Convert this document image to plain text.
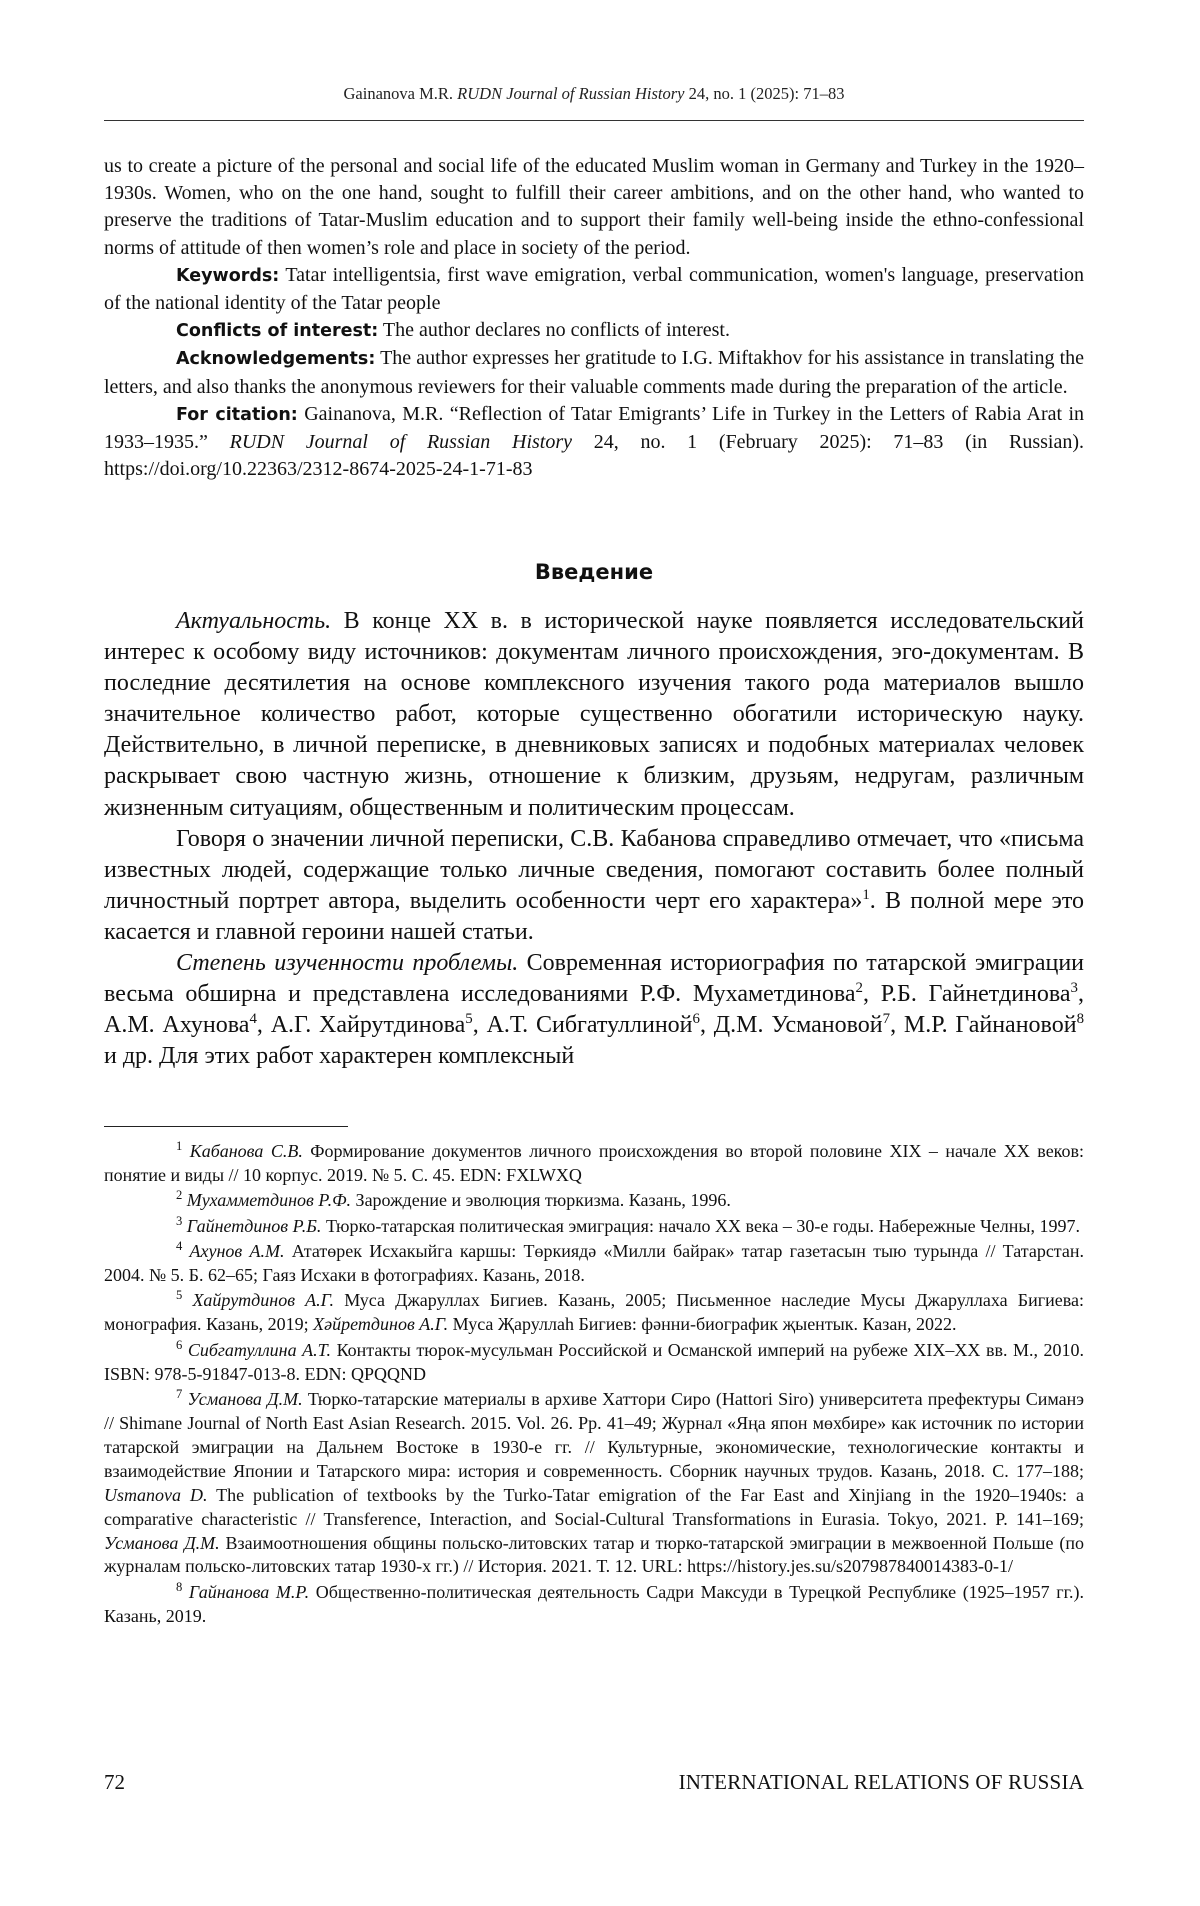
Gainanova M.R. RUDN Journal of Russian History 24, no. 1 (2025): 71–83

us to create a picture of the personal and social life of the educated Muslim woman in Germany and Turkey in the 1920–1930s. Women, who on the one hand, sought to fulfill their career ambitions, and on the other hand, who wanted to preserve the traditions of Tatar-Muslim education and to support their family well-being inside the ethno-confessional norms of attitude of then women’s role and place in society of the period.

Keywords: Tatar intelligentsia, first wave emigration, verbal communication, women's language, preservation of the national identity of the Tatar people

Conflicts of interest: The author declares no conflicts of interest.

Acknowledgements: The author expresses her gratitude to I.G. Miftakhov for his assistance in translating the letters, and also thanks the anonymous reviewers for their valuable comments made during the preparation of the article.

For citation: Gainanova, M.R. “Reflection of Tatar Emigrants’ Life in Turkey in the Letters of Rabia Arat in 1933–1935.” RUDN Journal of Russian History 24, no. 1 (February 2025): 71–83 (in Russian). https://doi.org/10.22363/2312-8674-2025-24-1-71-83

Введение

Актуальность. В конце XX в. в исторической науке появляется исследовательский интерес к особому виду источников: документам личного происхождения, эго-документам. В последние десятилетия на основе комплексного изучения такого рода материалов вышло значительное количество работ, которые существенно обогатили историческую науку. Действительно, в личной переписке, в дневниковых записях и подобных материалах человек раскрывает свою частную жизнь, отношение к близким, друзьям, недругам, различным жизненным ситуациям, общественным и политическим процессам.

Говоря о значении личной переписки, С.В. Кабанова справедливо отмечает, что «письма известных людей, содержащие только личные сведения, помогают составить более полный личностный портрет автора, выделить особенности черт его характера»$^1$. В полной мере это касается и главной героини нашей статьи.

Степень изученности проблемы. Современная историография по татарской эмиграции весьма обширна и представлена исследованиями Р.Ф. Мухаметдинова$^2$, Р.Б. Гайнетдинова$^3$, А.М. Ахунова$^4$, А.Г. Хайрутдинова$^5$, А.Т. Сибгатуллиной$^6$, Д.М. Усмановой$^7$, М.Р. Гайнановой$^8$ и др. Для этих работ характерен комплексный

$^1$ Кабанова С.В. Формирование документов личного происхождения во второй половине XIX – начале XX веков: понятие и виды // 10 корпус. 2019. № 5. С. 45. EDN: FXLWXQ

$^2$ Мухамметдинов Р.Ф. Зарождение и эволюция тюркизма. Казань, 1996.

$^3$ Гайнетдинов Р.Б. Тюрко-татарская политическая эмиграция: начало ХХ века – 30-е годы. Набережные Челны, 1997.

$^4$ Ахунов А.М. Ататөрек Исхакыйга каршы: Төркиядә «Милли байрак» татар газетасын тыю турында // Татарстан. 2004. № 5. Б. 62–65; Гаяз Исхаки в фотографиях. Казань, 2018.

$^5$ Хайрутдинов А.Г. Муса Джаруллах Бигиев. Казань, 2005; Письменное наследие Мусы Джаруллаха Бигиева: монография. Казань, 2019; Хәйретдинов А.Г. Муса Җаруллаh Бигиев: фәнни-биографик җыентык. Казан, 2022.

$^6$ Сибгатуллина А.Т. Контакты тюрок-мусульман Российской и Османской империй на рубеже XIX–XX вв. М., 2010. ISBN: 978-5-91847-013-8. EDN: QPQQND

$^7$ Усманова Д.М. Тюрко-татарские материалы в архиве Хаттори Сиро (Hattori Siro) университета префектуры Симанэ // Shimane Journal of North East Asian Research. 2015. Vol. 26. Pp. 41–49; Журнал «Яңа япон мөхбире» как источник по истории татарской эмиграции на Дальнем Востоке в 1930-е гг. // Культурные, экономические, технологические контакты и взаимодействие Японии и Татарского мира: история и современность. Сборник научных трудов. Казань, 2018. С. 177–188; Usmanova D. The publication of textbooks by the Turko-Tatar emigration of the Far East and Xinjiang in the 1920–1940s: a comparative characteristic // Transference, Interaction, and Social-Cultural Transformations in Eurasia. Tokyo, 2021. P. 141–169; Усманова Д.М. Взаимоотношения общины польско-литовских татар и тюрко-татарской эмиграции в межвоенной Польше (по журналам польско-литовских татар 1930-х гг.) // История. 2021. Т. 12. URL: https://history.jes.su/s207987840014383-0-1/

$^8$ Гайнанова М.Р. Общественно-политическая деятельность Садри Максуди в Турецкой Республике (1925–1957 гг.). Казань, 2019.

72	INTERNATIONAL RELATIONS OF RUSSIA
